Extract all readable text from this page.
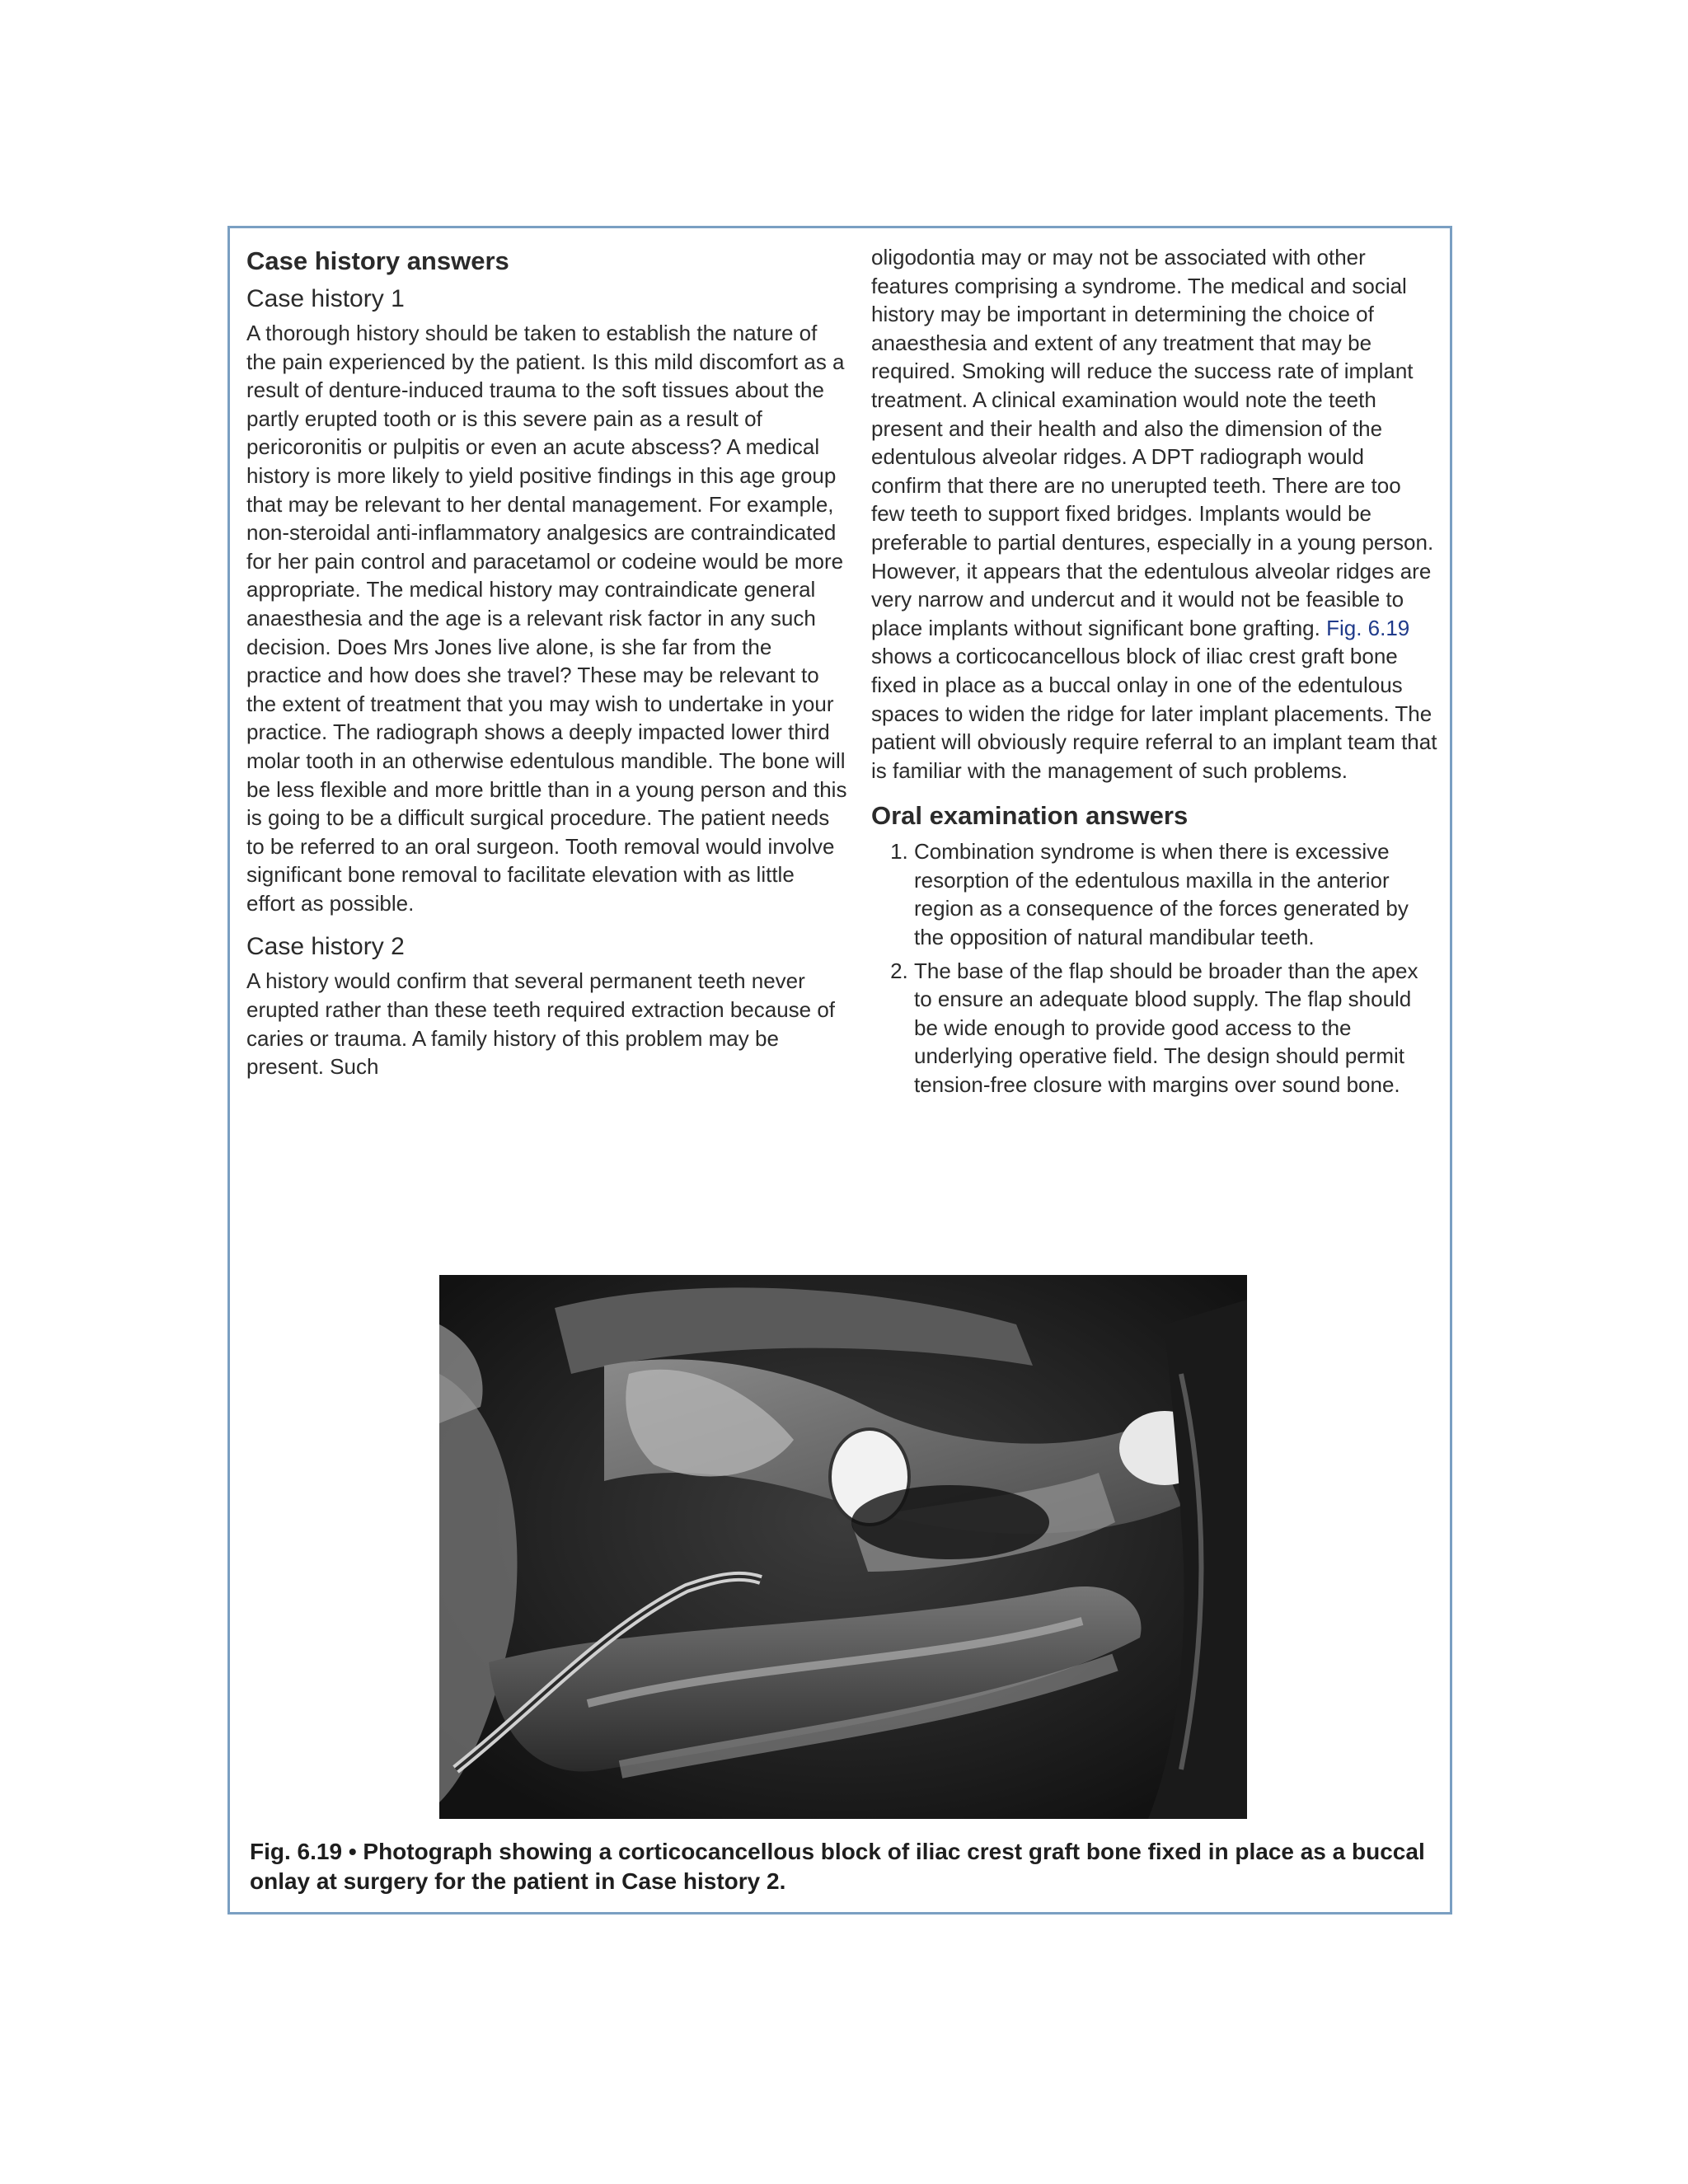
Case history answers
Case history 1

A thorough history should be taken to establish the nature of the pain experienced by the patient. Is this mild discomfort as a result of denture-induced trauma to the soft tissues about the partly erupted tooth or is this severe pain as a result of pericoronitis or pulpitis or even an acute abscess? A medical history is more likely to yield positive findings in this age group that may be relevant to her dental management. For example, non-steroidal anti-inflammatory analgesics are contraindicated for her pain control and paracetamol or codeine would be more appropriate. The medical history may contraindicate general anaesthesia and the age is a relevant risk factor in any such decision. Does Mrs Jones live alone, is she far from the practice and how does she travel? These may be relevant to the extent of treatment that you may wish to undertake in your practice. The radiograph shows a deeply impacted lower third molar tooth in an otherwise edentulous mandible. The bone will be less flexible and more brittle than in a young person and this is going to be a difficult surgical procedure. The patient needs to be referred to an oral surgeon. Tooth removal would involve significant bone removal to facilitate elevation with as little effort as possible.

Case history 2

A history would confirm that several permanent teeth never erupted rather than these teeth required extraction because of caries or trauma. A family history of this problem may be present. Such

oligodontia may or may not be associated with other features comprising a syndrome. The medical and social history may be important in determining the choice of anaesthesia and extent of any treatment that may be required. Smoking will reduce the success rate of implant treatment. A clinical examination would note the teeth present and their health and also the dimension of the edentulous alveolar ridges. A DPT radiograph would confirm that there are no unerupted teeth. There are too few teeth to support fixed bridges. Implants would be preferable to partial dentures, especially in a young person. However, it appears that the edentulous alveolar ridges are very narrow and undercut and it would not be feasible to place implants without significant bone grafting. Fig. 6.19 shows a corticocancellous block of iliac crest graft bone fixed in place as a buccal onlay in one of the edentulous spaces to widen the ridge for later implant placements. The patient will obviously require referral to an implant team that is familiar with the management of such problems.

Oral examination answers
1. Combination syndrome is when there is excessive resorption of the edentulous maxilla in the anterior region as a consequence of the forces generated by the opposition of natural mandibular teeth.
2. The base of the flap should be broader than the apex to ensure an adequate blood supply. The flap should be wide enough to provide good access to the underlying operative field. The design should permit tension-free closure with margins over sound bone.
Fig. 6.19 • Photograph showing a corticocancellous block of iliac crest graft bone fixed in place as a buccal onlay at surgery for the patient in Case history 2.
